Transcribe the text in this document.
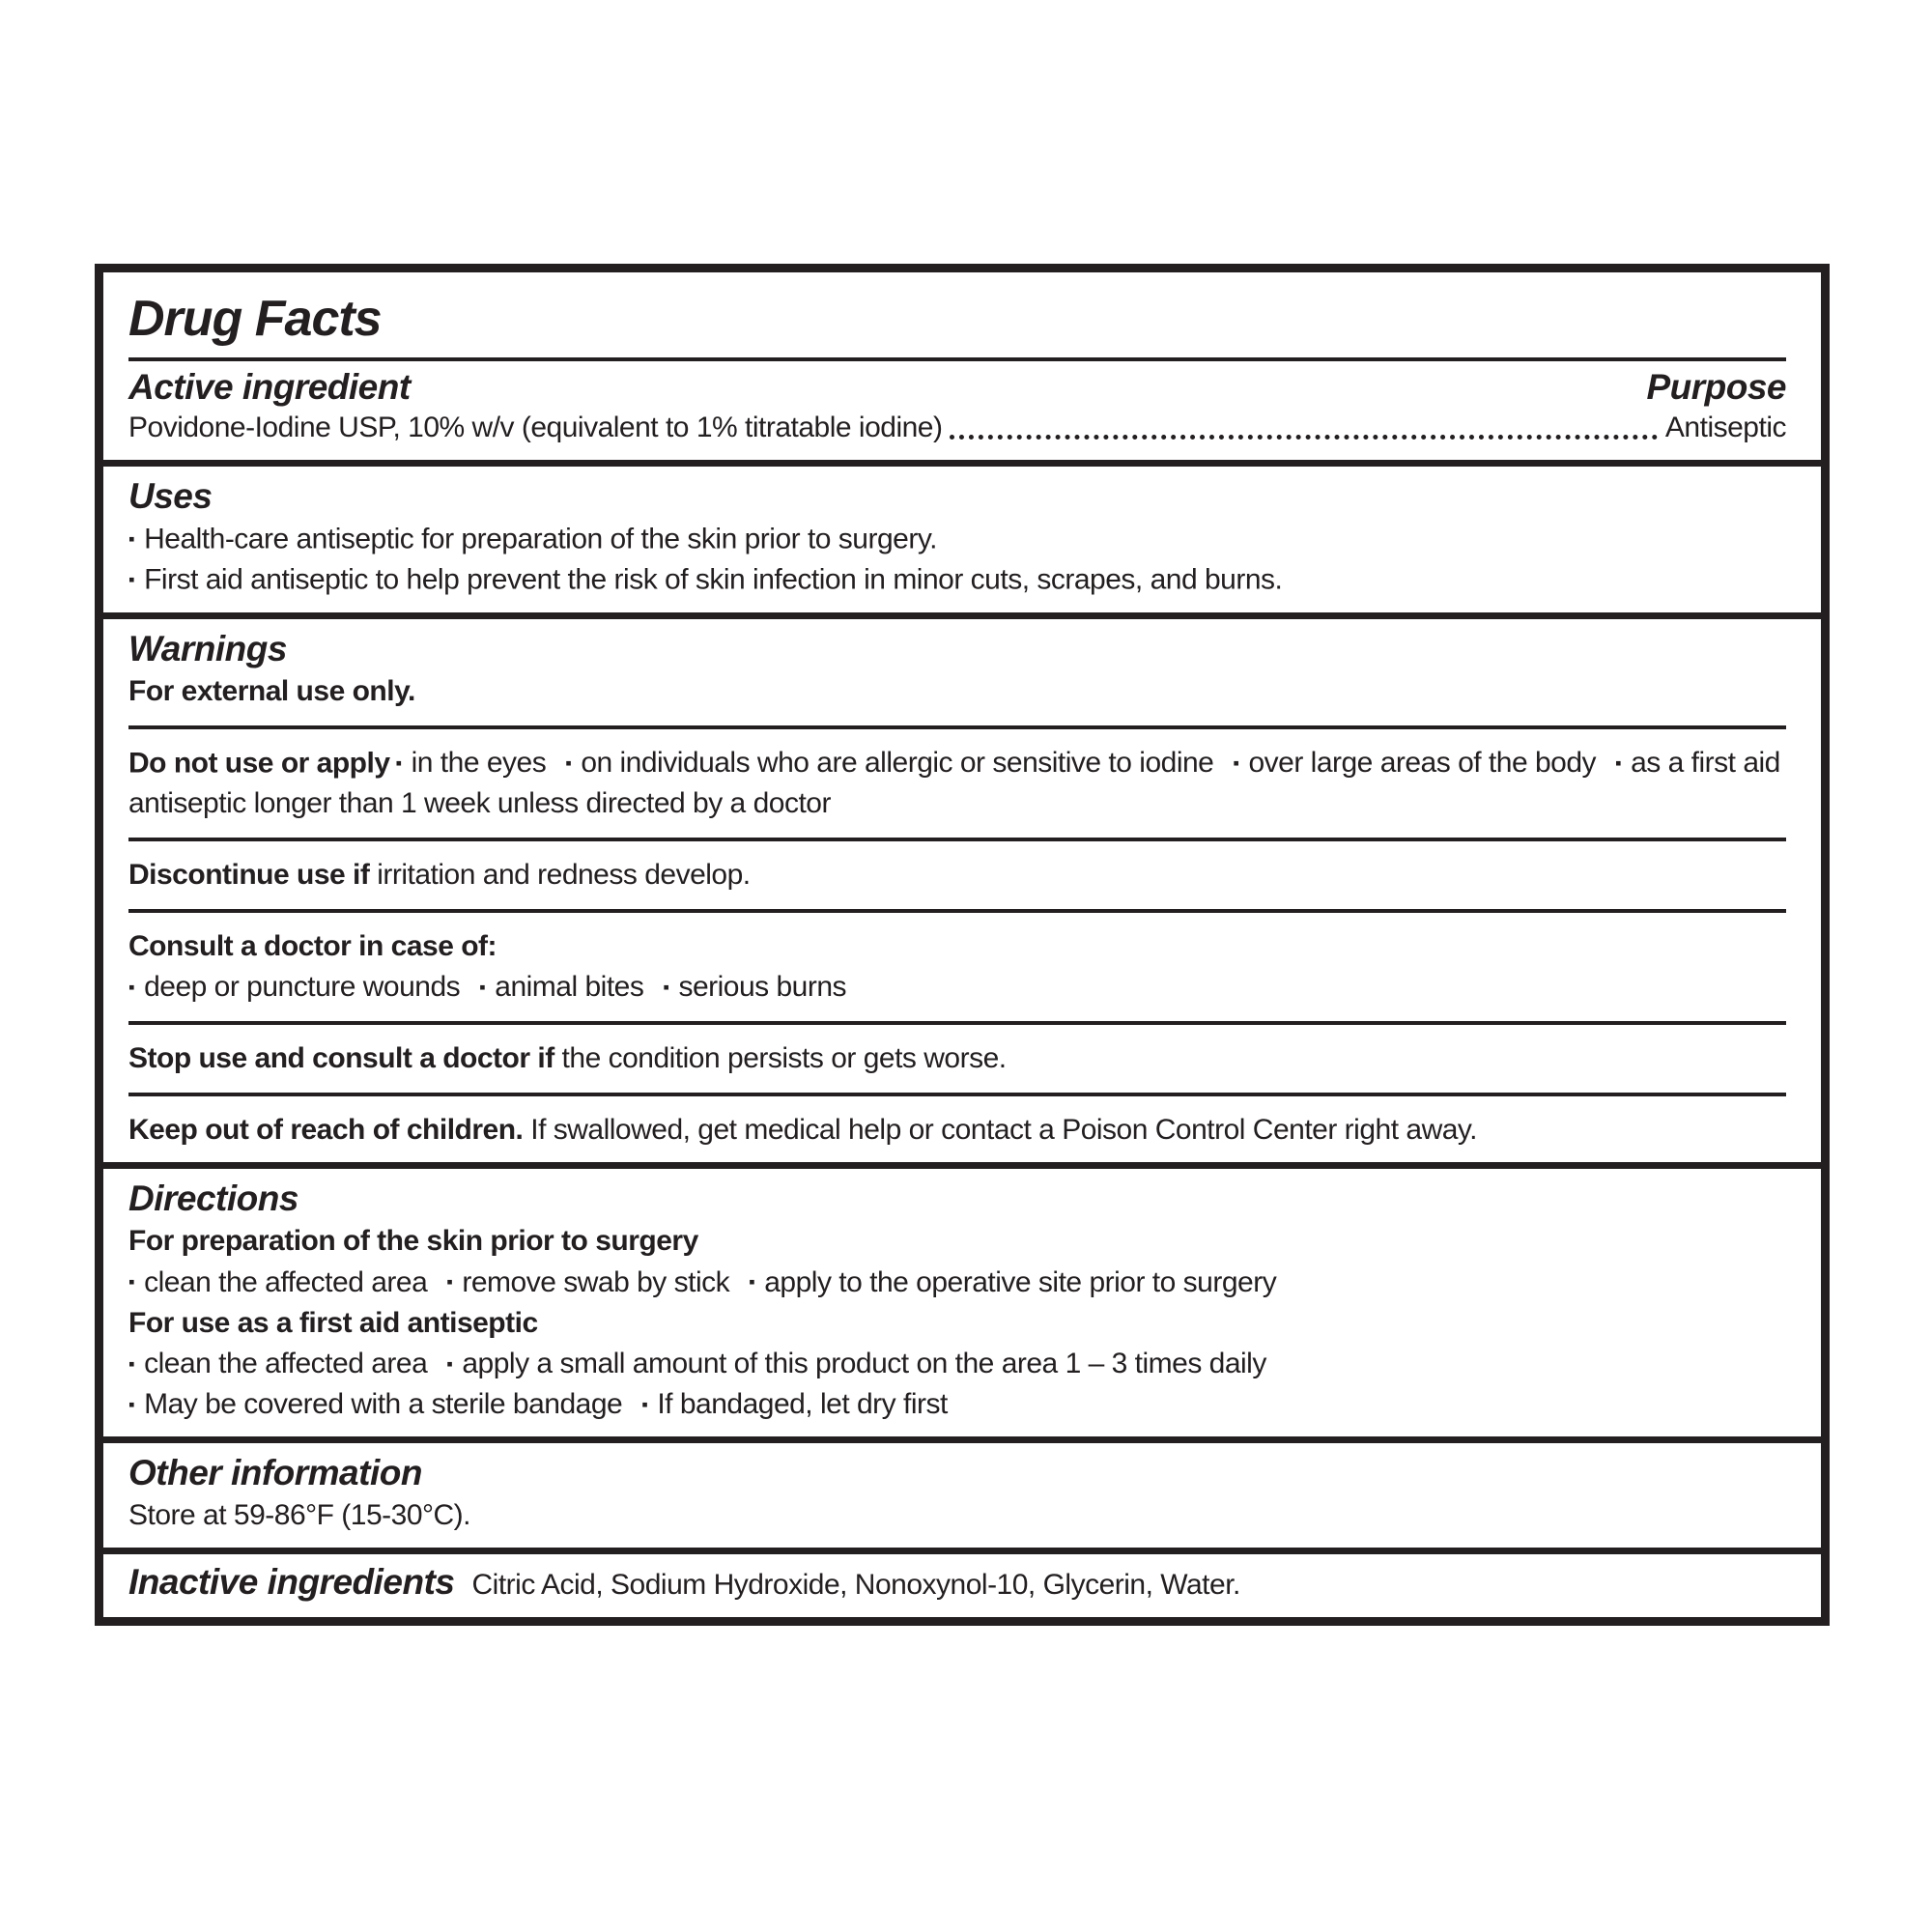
Drug Facts
Active ingredient	Purpose
Povidone-Iodine USP, 10% w/v (equivalent to 1% titratable iodine)	Antiseptic
Uses
▪ Health-care antiseptic for preparation of the skin prior to surgery.
▪ First aid antiseptic to help prevent the risk of skin infection in minor cuts, scrapes, and burns.
Warnings

For external use only.

Do not use or apply ▪ in the eyes ▪ on individuals who are allergic or sensitive to iodine ▪ over large areas of the body ▪ as a first aid antiseptic longer than 1 week unless directed by a doctor

Discontinue use if irritation and redness develop.

Consult a doctor in case of:

▪ deep or puncture wounds ▪ animal bites ▪ serious burns

Stop use and consult a doctor if the condition persists or gets worse.

Keep out of reach of children. If swallowed, get medical help or contact a Poison Control Center right away.

Directions

For preparation of the skin prior to surgery

▪ clean the affected area ▪ remove swab by stick ▪ apply to the operative site prior to surgery

For use as a first aid antiseptic

▪ clean the affected area ▪ apply a small amount of this product on the area 1 – 3 times daily
▪ May be covered with a sterile bandage ▪ If bandaged, let dry first
Other information

Store at 59-86°F (15-30°C).

Inactive ingredients Citric Acid, Sodium Hydroxide, Nonoxynol-10, Glycerin, Water.
